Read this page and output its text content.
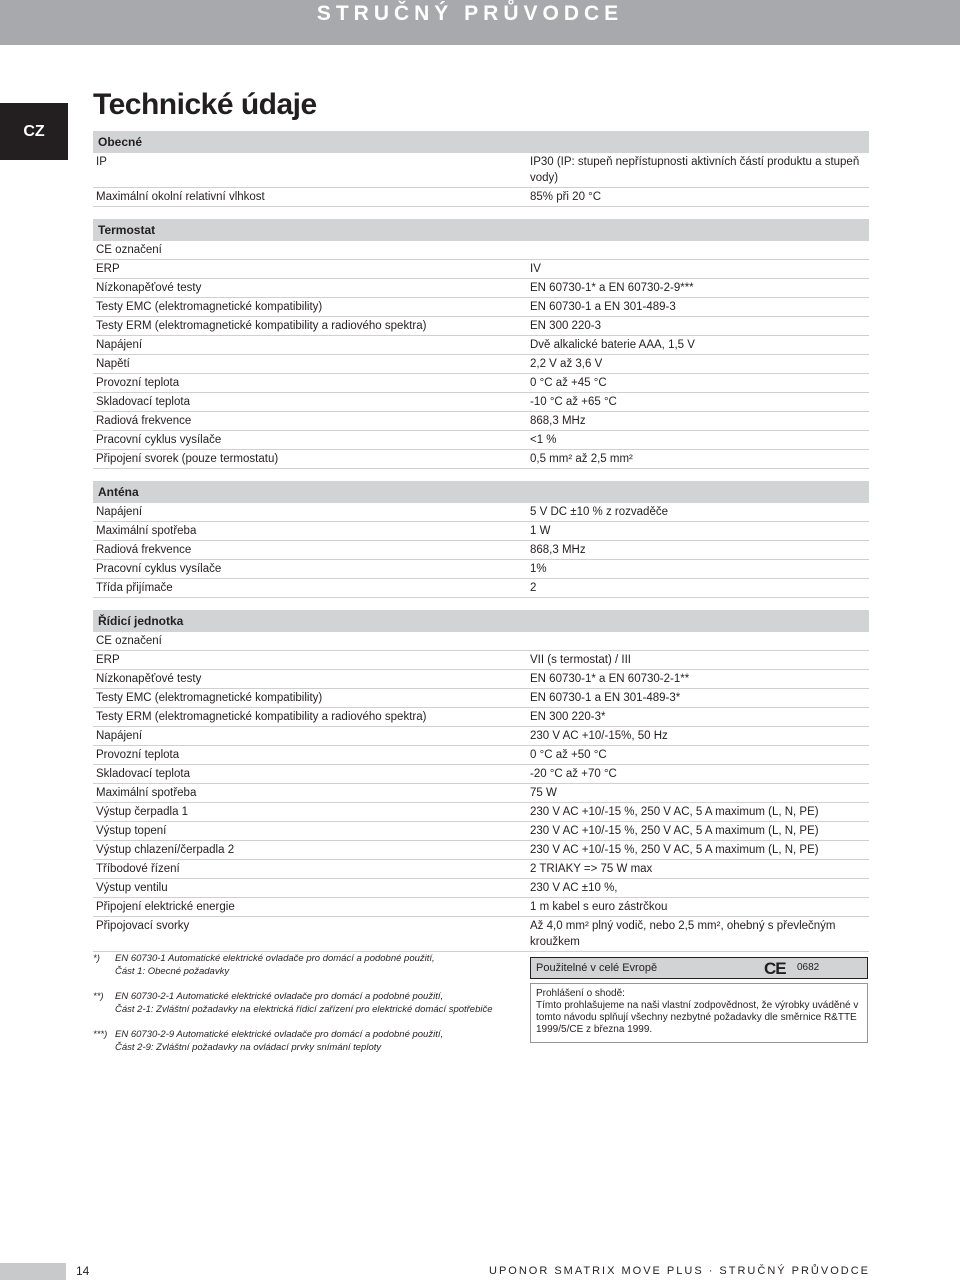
STRUČNÝ PRŮVODCE
CZ
Technické údaje
Obecné
IP	IP30 (IP: stupeň nepřístupnosti aktivních částí produktu a stupeň vody)
Maximální okolní relativní vlhkost	85% při 20 °C
Termostat
CE označení
ERP	IV
Nízkonapěťové testy	EN 60730-1* a EN 60730-2-9***
Testy EMC (elektromagnetické kompatibility)	EN 60730-1 a EN 301-489-3
Testy ERM (elektromagnetické kompatibility a radiového spektra)	EN 300 220-3
Napájení	Dvě alkalické baterie AAA, 1,5 V
Napětí	2,2 V až 3,6 V
Provozní teplota	0 °C až +45 °C
Skladovací teplota	-10 °C až +65 °C
Radiová frekvence	868,3 MHz
Pracovní cyklus vysílače	<1 %
Připojení svorek (pouze termostatu)	0,5 mm² až 2,5 mm²
Anténa
Napájení	5 V DC ±10 % z rozvaděče
Maximální spotřeba	1 W
Radiová frekvence	868,3 MHz
Pracovní cyklus vysílače	1%
Třída přijímače	2
Řídicí jednotka
CE označení
ERP	VII (s termostat) / III
Nízkonapěťové testy	EN 60730-1* a EN 60730-2-1**
Testy EMC (elektromagnetické kompatibility)	EN 60730-1 a EN 301-489-3*
Testy ERM (elektromagnetické kompatibility a radiového spektra)	EN 300 220-3*
Napájení	230 V AC +10/-15%, 50 Hz
Provozní teplota	0 °C až +50 °C
Skladovací teplota	-20 °C až +70 °C
Maximální spotřeba	75 W
Výstup čerpadla 1	230 V AC +10/-15 %, 250 V AC, 5 A maximum (L, N, PE)
Výstup topení	230 V AC +10/-15 %, 250 V AC, 5 A maximum (L, N, PE)
Výstup chlazení/čerpadla 2	230 V AC +10/-15 %, 250 V AC, 5 A maximum (L, N, PE)
Tříbodové řízení	2 TRIAKY => 75 W max
Výstup ventilu	230 V AC ±10 %,
Připojení elektrické energie	1 m kabel s euro zástrčkou
Připojovací svorky	Až 4,0 mm² plný vodič, nebo 2,5 mm², ohebný s převlečným kroužkem
*)	EN 60730-1 Automatické elektrické ovladače pro domácí a podobné použití,
Část 1: Obecné požadavky
**)	EN 60730-2-1 Automatické elektrické ovladače pro domácí a podobné použití,
Část 2-1: Zvláštní požadavky na elektrická řídicí zařízení pro elektrické domácí spotřebiče
***) EN 60730-2-9 Automatické elektrické ovladače pro domácí a podobné použití,
Část 2-9: Zvláštní požadavky na ovládací prvky snímání teploty
Použitelné v celé Evropě	CE 0682
Prohlášení o shodě:
Tímto prohlašujeme na naši vlastní zodpovědnost, že výrobky uváděné v tomto návodu splňují všechny nezbytné požadavky dle směrnice R&TTE 1999/5/CE z března 1999.
14	UPONOR SMATRIX MOVE PLUS · STRUČNÝ PRŮVODCE
